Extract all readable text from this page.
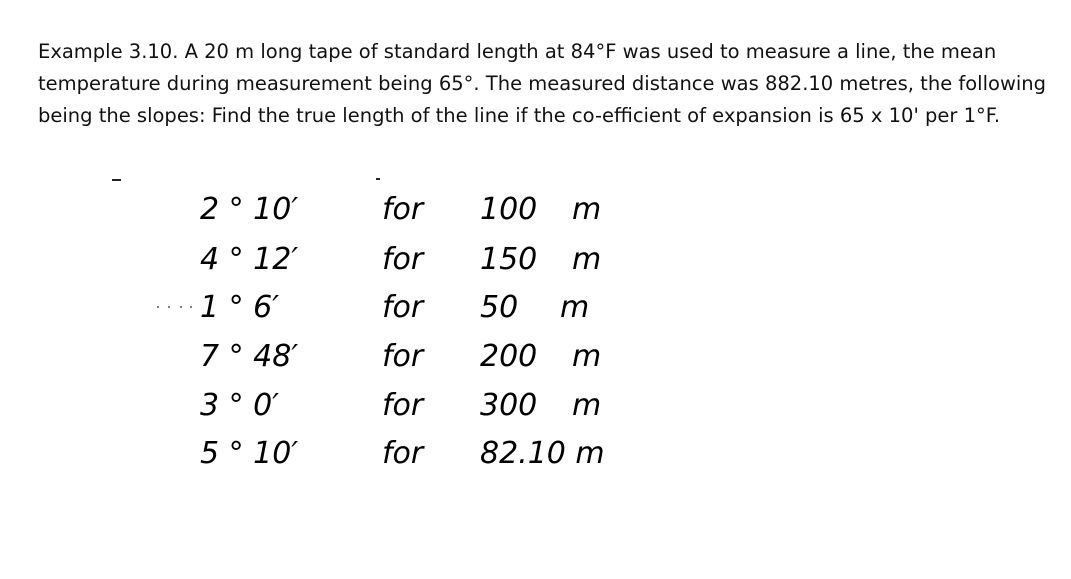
Example 3.10. A 20 m long tape of standard length at 84°F was used to measure a line, the mean

temperature during measurement being 65°. The measured distance was 882.10 metres, the following

being the slopes: Find the true length of the line if the co-efficient of expansion is 65 x 10' per 1°F.

2 ° 10′	for 100 m
4 ° 12′	for 150 m
1 ° 6′	for 50 m
7 ° 48′	for 200 m
3 ° 0′	for 300 m
5 ° 10′	for 82.10 m
